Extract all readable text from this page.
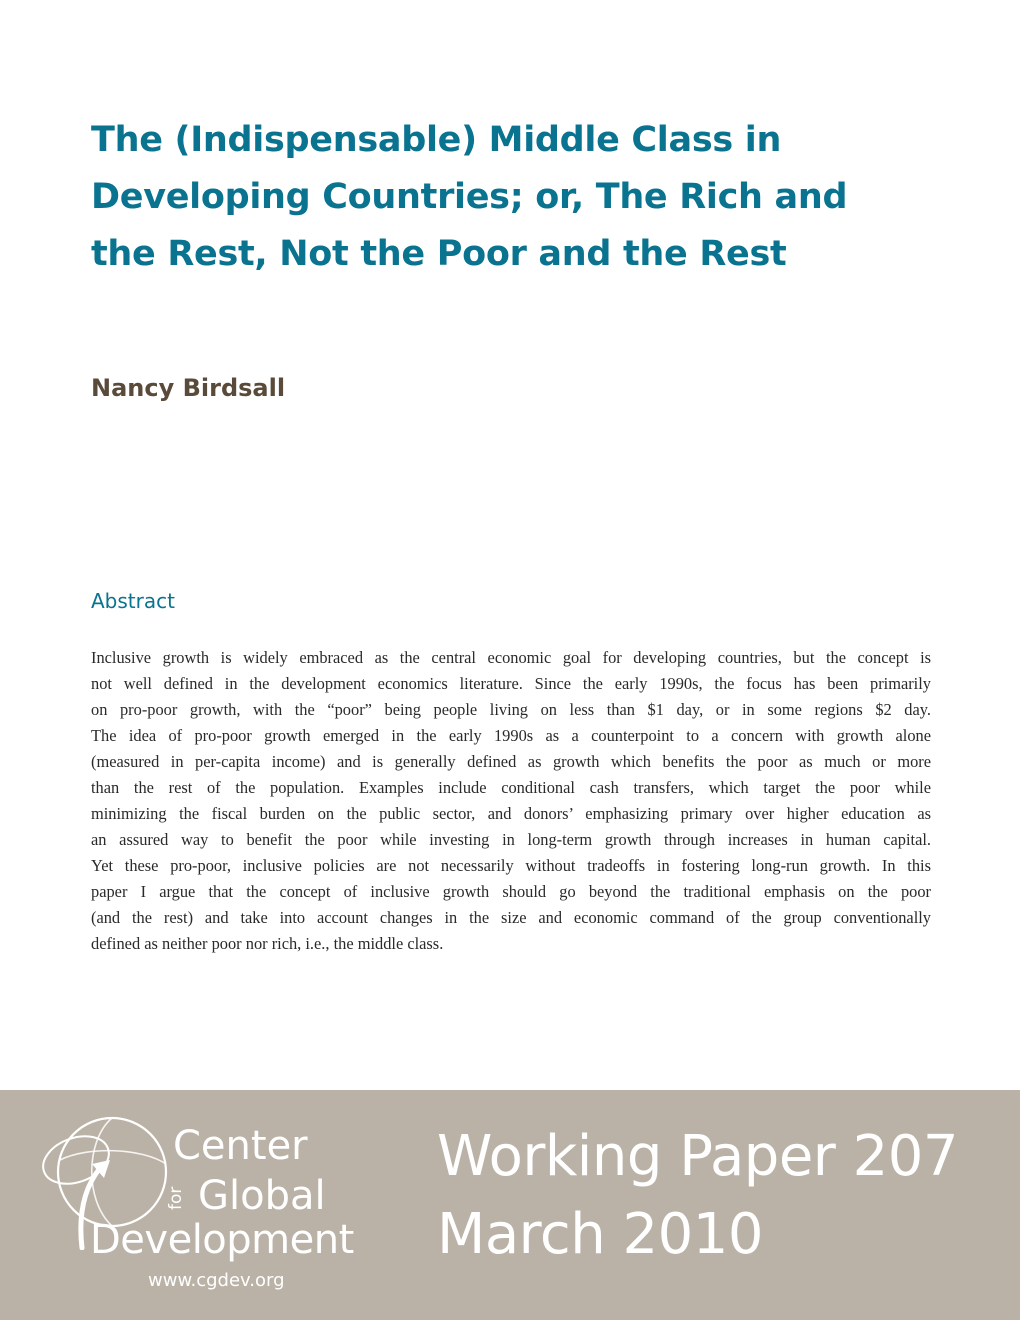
The (Indispensable) Middle Class in
Developing Countries; or, The Rich and
the Rest, Not the Poor and the Rest
Nancy Birdsall
Abstract
Inclusive growth is widely embraced as the central economic goal for developing countries, but the concept is
not well defined in the development economics literature. Since the early 1990s, the focus has been primarily
on pro-poor growth, with the “poor” being people living on less than $1 day, or in some regions $2 day.
The idea of pro-poor growth emerged in the early 1990s as a counterpoint to a concern with growth alone
(measured in per-capita income) and is generally defined as growth which benefits the poor as much or more
than the rest of the population. Examples include conditional cash transfers, which target the poor while
minimizing the fiscal burden on the public sector, and donors’ emphasizing primary over higher education as
an assured way to benefit the poor while investing in long-term growth through increases in human capital.
Yet these pro-poor, inclusive policies are not necessarily without tradeoffs in fostering long-run growth. In this
paper I argue that the concept of inclusive growth should go beyond the traditional emphasis on the poor
(and the rest) and take into account changes in the size and economic command of the group conventionally
defined as neither poor nor rich, i.e., the middle class.

Center

for Global

Development

www.cgdev.org

Working Paper 207

March 2010
